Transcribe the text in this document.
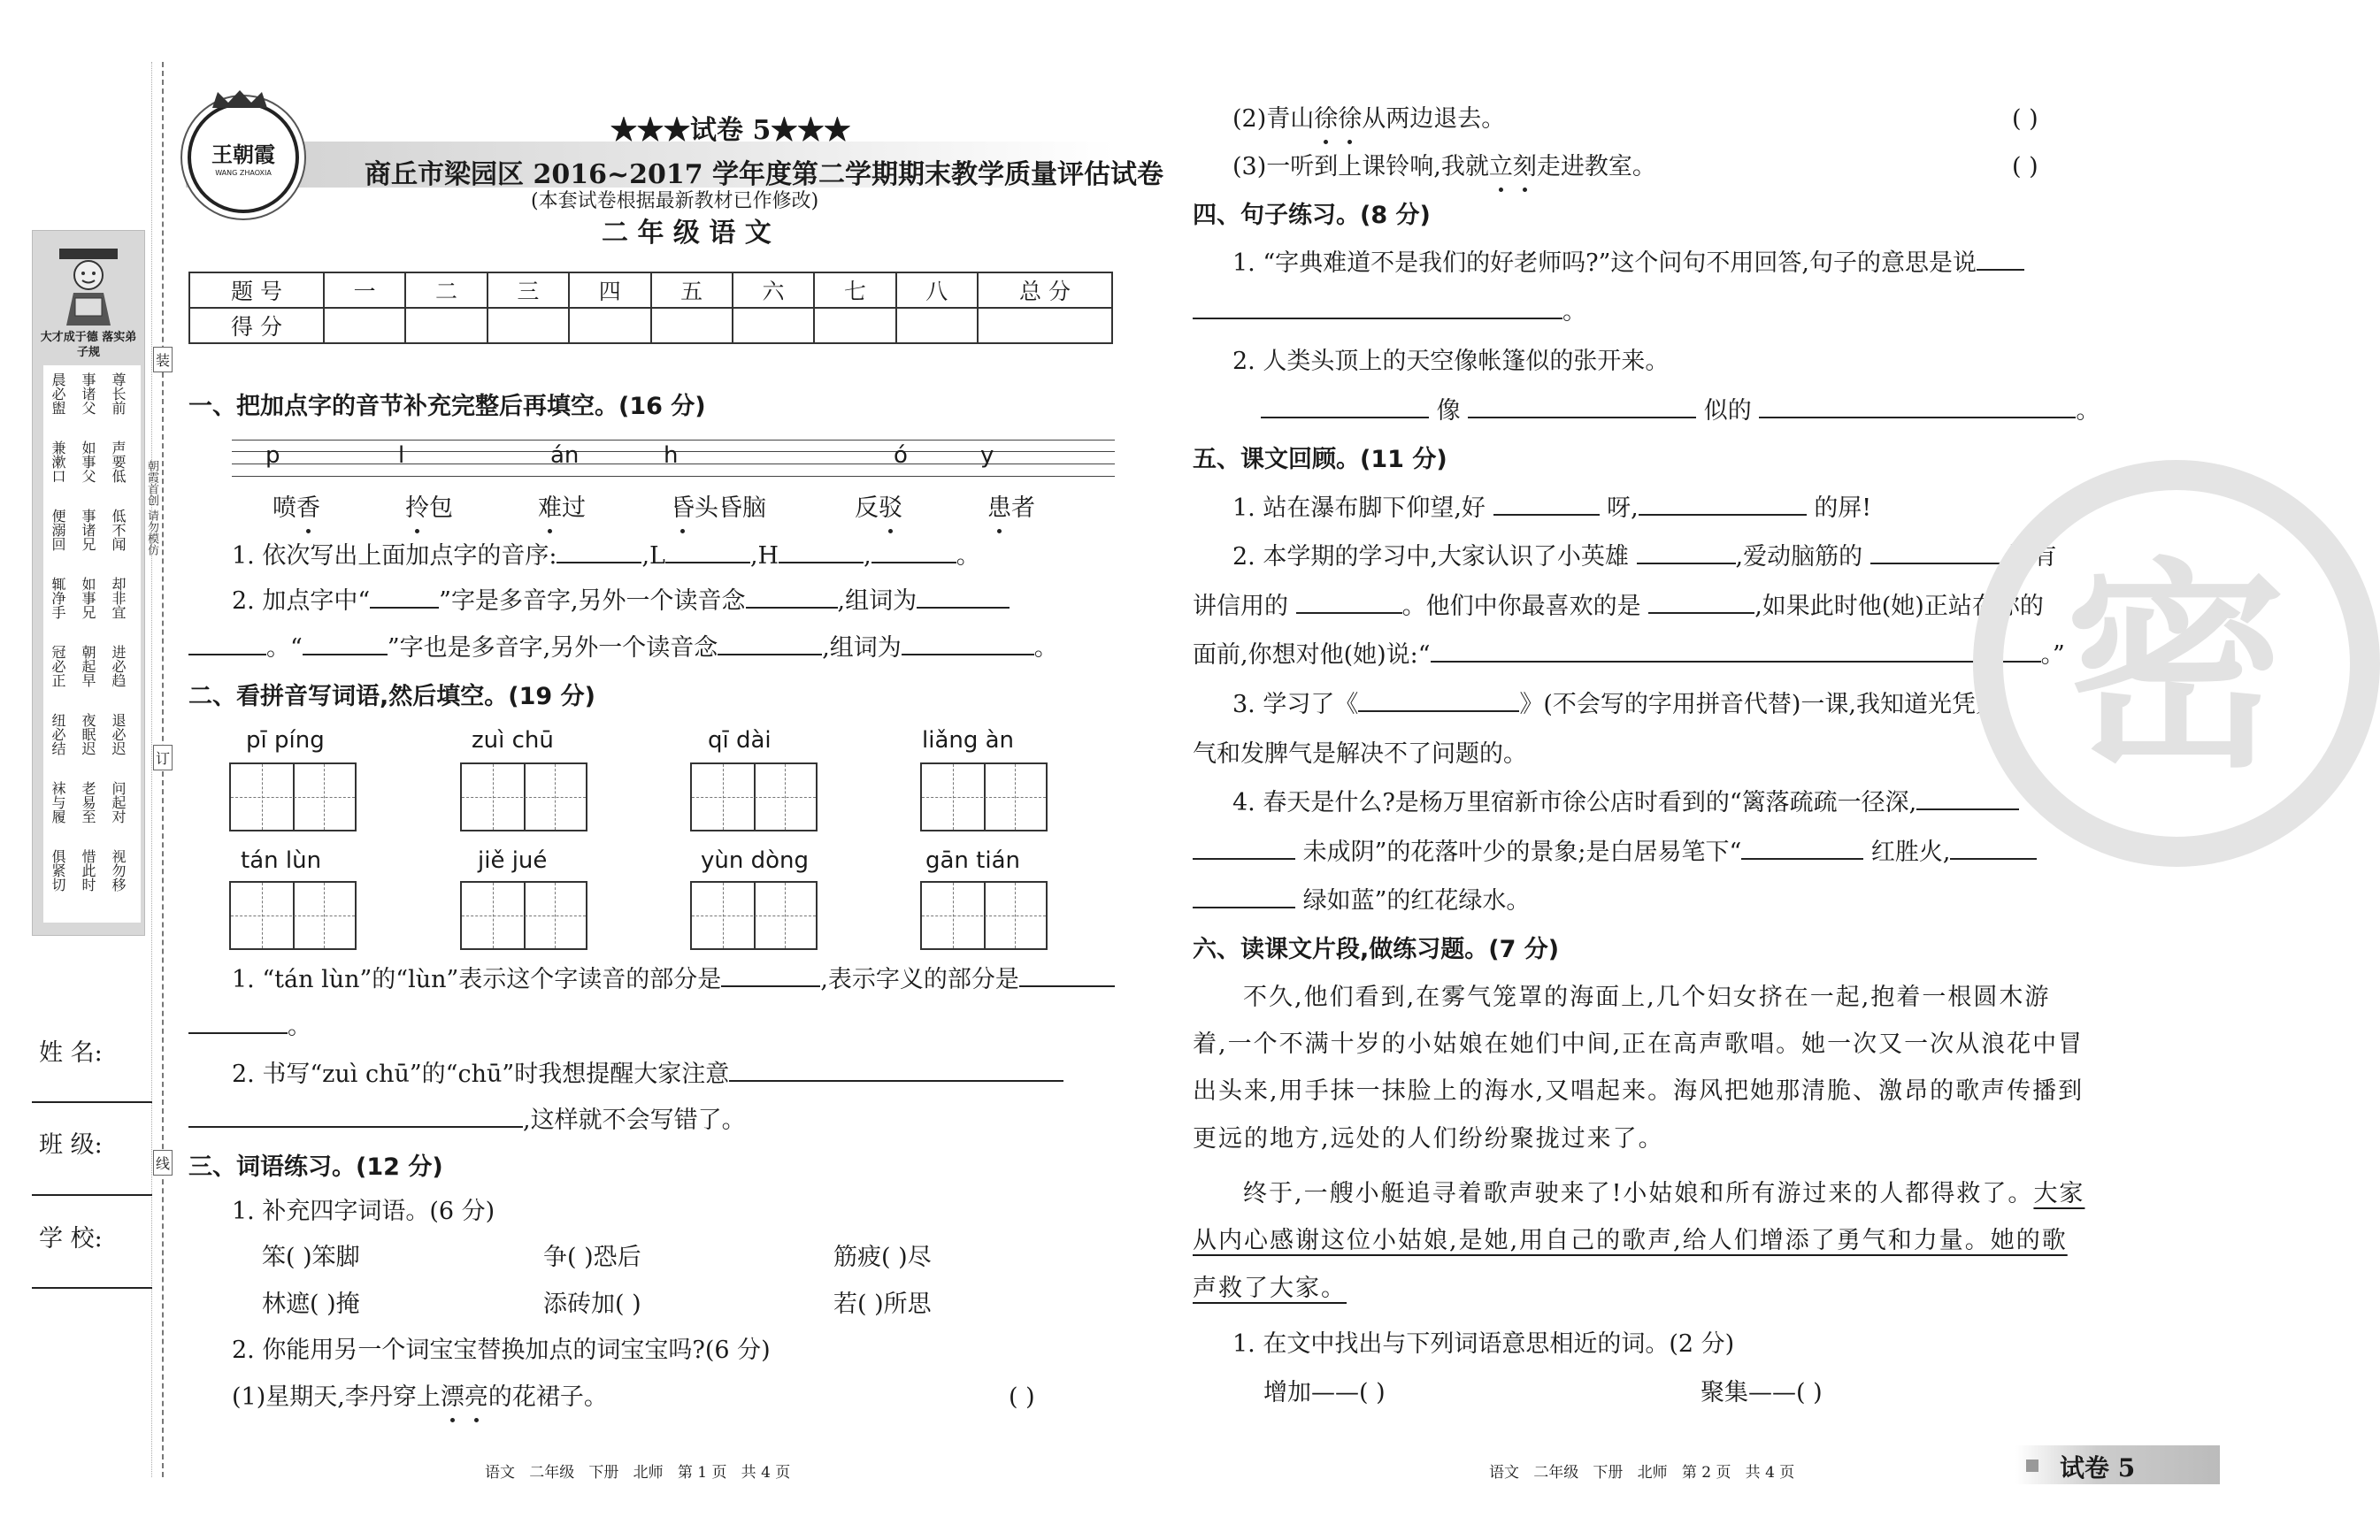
大才成于德 落实弟子规
晨必盥 事诸父 尊长前
兼漱口 如事父 声要低
便溺回 事诸兄 低不闻
辄净手 如事兄 却非宜
冠必正 朝起早 进必趋
纽必结 夜眠迟 退必迟
袜与履 老易至 问起对
俱紧切 惜此时 视勿移
朝霞首创 请勿模仿
装
订
线
姓 名:
班 级:
学 校:
王朝霞
WANG ZHAOXIA
★★★试卷 5★★★
商丘市梁园区 2016~2017 学年度第二学期期末教学质量评估试卷
(本套试卷根据最新教材已作修改)
二 年 级 语 文
题 号	一	二	三	四	五	六	七	八	总 分
得 分									
一、把加点字的音节补充完整后再填空。(16 分)
p	l	án	h	ó	y
喷香	拎包	难过	昏头昏脑	反驳	患者
1. 依次写出上面加点字的音序:	,L	,H	,	。
2. 加点字中“	”字是多音字,另外一个读音念	,组词为
。“	”字也是多音字,另外一个读音念	,组词为	。
二、看拼音写词语,然后填空。(19 分)
pī píng	zuì chū	qī dài	liǎng àn
tán lùn	jiě jué	yùn dòng	gān tián
1. “tán lùn”的“lùn”表示这个字读音的部分是	,表示字义的部分是
。
2. 书写“zuì chū”的“chū”时我想提醒大家注意
,这样就不会写错了。
三、词语练习。(12 分)
1. 补充四字词语。(6 分)
笨( )笨脚	争( )恐后	筋疲( )尽
林遮( )掩	添砖加( )	若( )所思
2. 你能用另一个词宝宝替换加点的词宝宝吗?(6 分)
(1)星期天,李丹穿上漂亮的花裙子。	( )
(2)青山徐徐从两边退去。	( )
(3)一听到上课铃响,我就立刻走进教室。	( )
四、句子练习。(8 分)
1. “字典难道不是我们的好老师吗?”这个问句不用回答,句子的意思是说
。
2. 人类头顶上的天空像帐篷似的张开来。
像	似的	。
五、课文回顾。(11 分)
1. 站在瀑布脚下仰望,好	呀,	的屏!
2. 本学期的学习中,大家认识了小英雄	,爱动脑筋的	,还有
讲信用的	。他们中你最喜欢的是	,如果此时他(她)正站在你的
面前,你想对他(她)说:“	。”
3. 学习了《	》(不会写的字用拼音代替)一课,我知道光凭力
气和发脾气是解决不了问题的。
4. 春天是什么?是杨万里宿新市徐公店时看到的“篱落疏疏一径深,
未成阴”的花落叶少的景象;是白居易笔下“	红胜火,
绿如蓝”的红花绿水。
六、读课文片段,做练习题。(7 分)
不久,他们看到,在雾气笼罩的海面上,几个妇女挤在一起,抱着一根圆木游
着,一个不满十岁的小姑娘在她们中间,正在高声歌唱。她一次又一次从浪花中冒
出头来,用手抹一抹脸上的海水,又唱起来。海风把她那清脆、激昂的歌声传播到
更远的地方,远处的人们纷纷聚拢过来了。
终于,一艘小艇追寻着歌声驶来了!小姑娘和所有游过来的人都得救了。大家
从内心感谢这位小姑娘,是她,用自己的歌声,给人们增添了勇气和力量。她的歌
声救了大家。
1. 在文中找出与下列词语意思相近的词。(2 分)
增加——( )	聚集——( )
密
语文   二年级   下册   北师   第 1 页   共 4 页	语文   二年级   下册   北师   第 2 页   共 4 页	试卷 5
